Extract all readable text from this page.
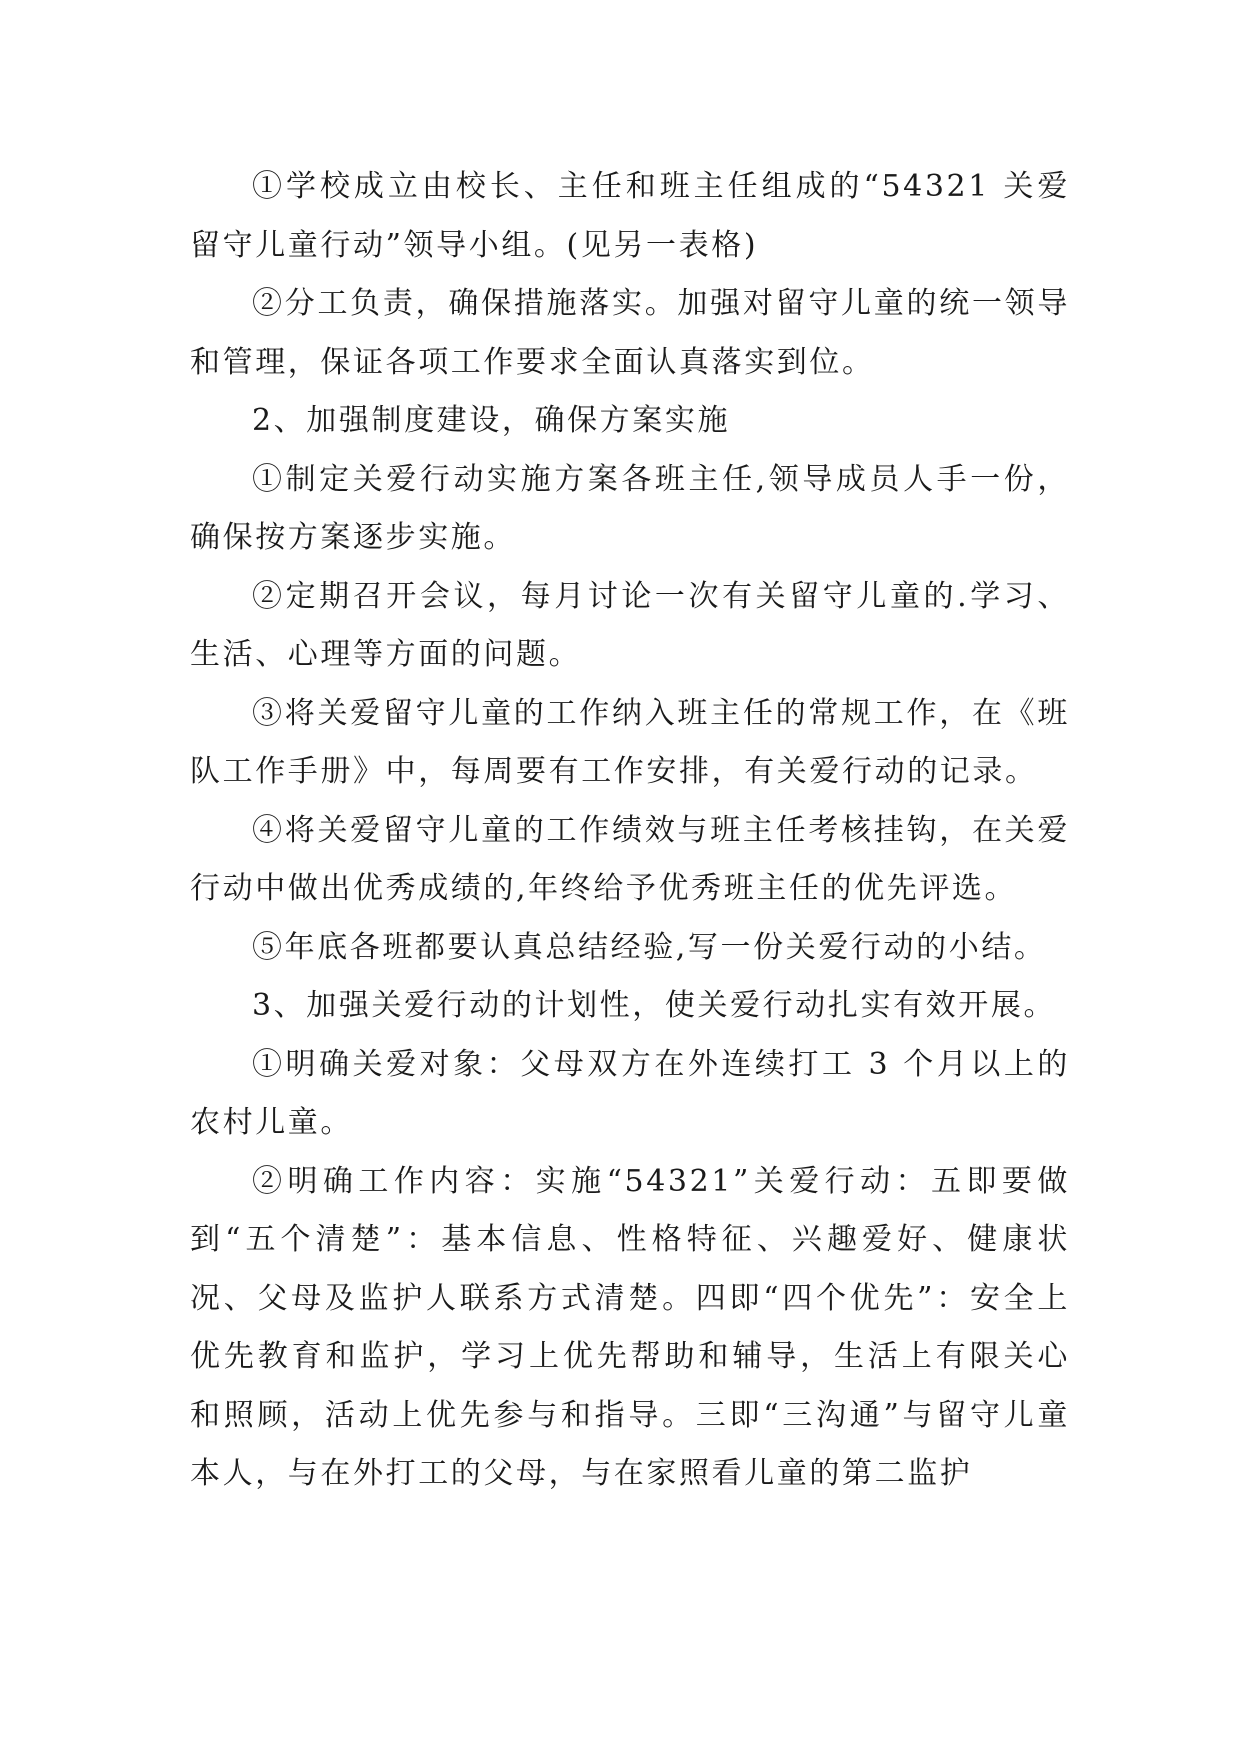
①学校成立由校长、主任和班主任组成的“54321 关爱留守儿童行动”领导小组。(见另一表格)

②分工负责，确保措施落实。加强对留守儿童的统一领导和管理，保证各项工作要求全面认真落实到位。

2、加强制度建设，确保方案实施

①制定关爱行动实施方案各班主任,领导成员人手一份，确保按方案逐步实施。

②定期召开会议，每月讨论一次有关留守儿童的.学习、生活、心理等方面的问题。

③将关爱留守儿童的工作纳入班主任的常规工作，在《班队工作手册》中，每周要有工作安排，有关爱行动的记录。

④将关爱留守儿童的工作绩效与班主任考核挂钩，在关爱行动中做出优秀成绩的,年终给予优秀班主任的优先评选。

⑤年底各班都要认真总结经验,写一份关爱行动的小结。

3、加强关爱行动的计划性，使关爱行动扎实有效开展。

①明确关爱对象：父母双方在外连续打工 3 个月以上的农村儿童。

②明确工作内容：实施“54321”关爱行动：五即要做到“五个清楚”：基本信息、性格特征、兴趣爱好、健康状况、父母及监护人联系方式清楚。四即“四个优先”：安全上优先教育和监护，学习上优先帮助和辅导，生活上有限关心和照顾，活动上优先参与和指导。三即“三沟通”与留守儿童本人，与在外打工的父母，与在家照看儿童的第二监护
